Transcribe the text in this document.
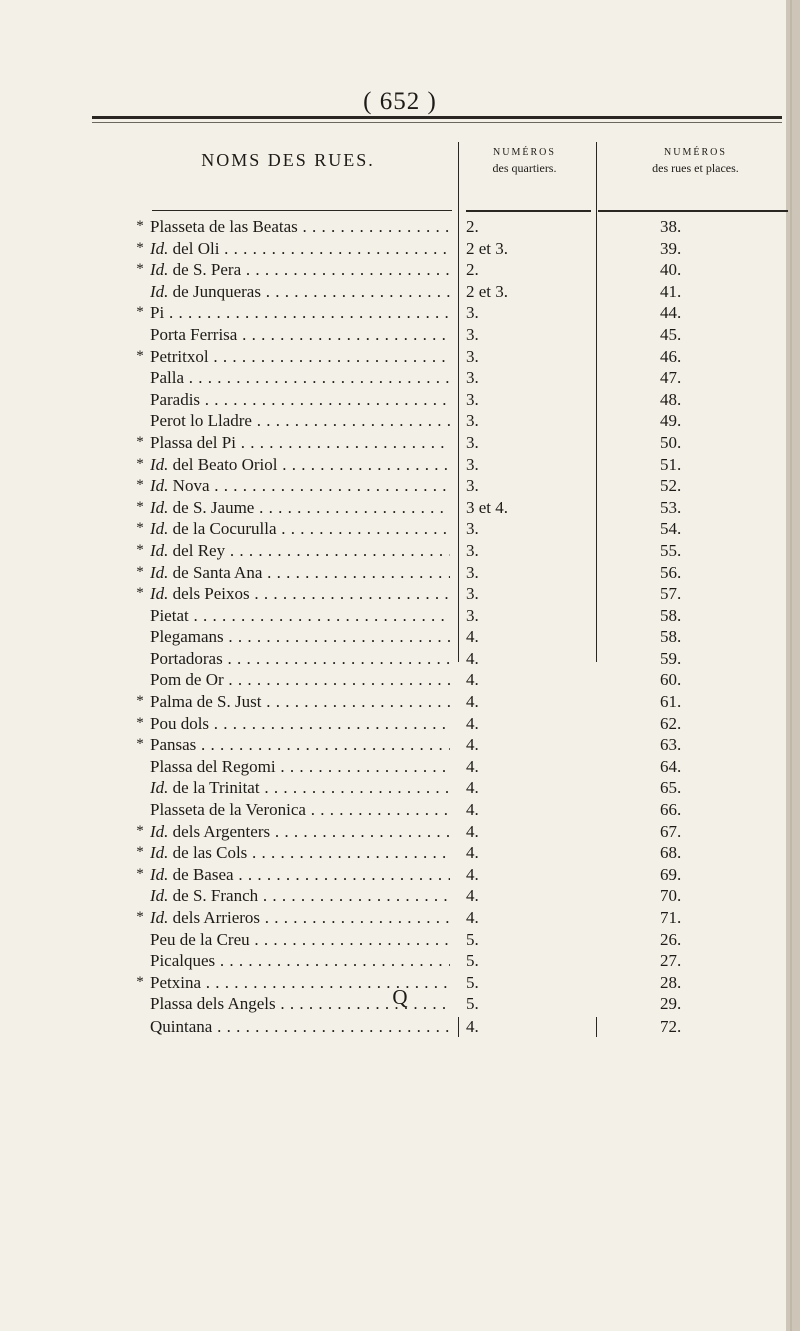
( 652 )
NOMS DES RUES.	NUMÉROS
des quartiers.
NUMÉROS
des rues et places.
* Plasseta de las Beatas . . .	2.	38.
* Id. del Oli . . .	2 et 3.	39.
* Id. de S. Pera . . .	2.	40.
Id. de Junqueras . . .	2 et 3.	41.
* Pi . . .	3.	44.
Porta Ferrisa . . .	3.	45.
* Petritxol . . .	3.	46.
Palla . . .	3.	47.
Paradis . . .	3.	48.
Perot lo Lladre . . .	3.	49.
* Plassa del Pi . . .	3.	50.
* Id. del Beato Oriol . . .	3.	51.
* Id. Nova . . .	3.	52.
* Id. de S. Jaume . . .	3 et 4.	53.
* Id. de la Cocurulla . . .	3.	54.
* Id. del Rey . . .	3.	55.
* Id. de Santa Ana . . .	3.	56.
* Id. dels Peixos . . .	3.	57.
Pietat . . .	3.	58.
Plegamans . . .	4.	58.
Portadoras . . .	4.	59.
Pom de Or . . .	4.	60.
* Palma de S. Just . . .	4.	61.
* Pou dols . . .	4.	62.
* Pansas . . .	4.	63.
Plassa del Regomi . . .	4.	64.
Id. de la Trinitat . . .	4.	65.
Plasseta de la Veronica . . .	4.	66.
* Id. dels Argenters . . .	4.	67.
* Id. de las Cols . . .	4.	68.
* Id. de Basea . . .	4.	69.
Id. de S. Franch . . .	4.	70.
* Id. dels Arrieros . . .	4.	71.
Peu de la Creu . . .	5.	26.
Picalques . . .	5.	27.
* Petxina . . .	5.	28.
Plassa dels Angels . . .	5.	29.
Q
Quintana . . .	4.	72.
